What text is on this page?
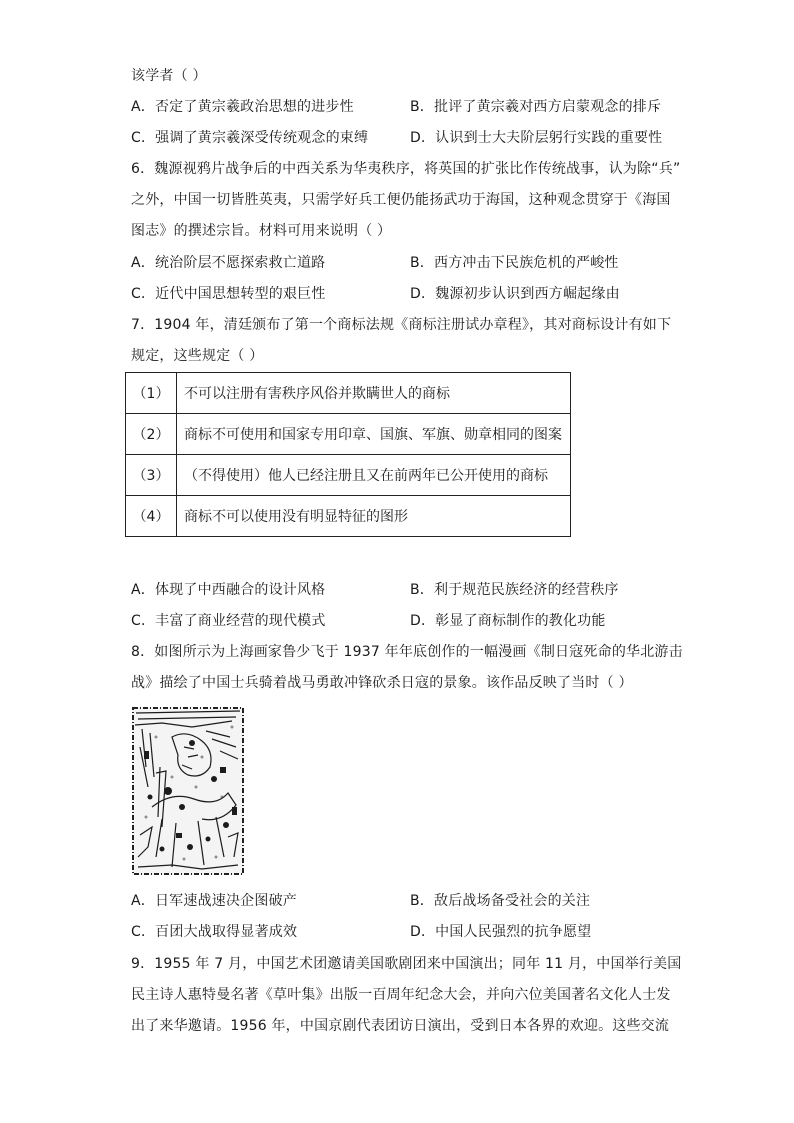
该学者（ ）
A．否定了黄宗羲政治思想的进步性	B．批评了黄宗羲对西方启蒙观念的排斥
C．强调了黄宗羲深受传统观念的束缚	D．认识到士大夫阶层躬行实践的重要性
6．魏源视鸦片战争后的中西关系为华夷秩序，将英国的扩张比作传统战事，认为除“兵”
之外，中国一切皆胜英夷，只需学好兵工便仍能扬武功于海国，这种观念贯穿于《海国
图志》的撰述宗旨。材料可用来说明（ ）
A．统治阶层不愿探索救亡道路	B．西方冲击下民族危机的严峻性
C．近代中国思想转型的艰巨性	D．魏源初步认识到西方崛起缘由
7．1904 年，清廷颁布了第一个商标法规《商标注册试办章程》，其对商标设计有如下
规定，这些规定（ ）
（1）	不可以注册有害秩序风俗并欺瞒世人的商标
（2）	商标不可使用和国家专用印章、国旗、军旗、勋章相同的图案
（3）	（不得使用）他人已经注册且又在前两年已公开使用的商标
（4）	商标不可以使用没有明显特征的图形
A．体现了中西融合的设计风格	B．利于规范民族经济的经营秩序
C．丰富了商业经营的现代模式	D．彰显了商标制作的教化功能
8．如图所示为上海画家鲁少飞于 1937 年年底创作的一幅漫画《制日寇死命的华北游击
战》描绘了中国士兵骑着战马勇敢冲锋砍杀日寇的景象。该作品反映了当时（ ）
A．日军速战速决企图破产	B．敌后战场备受社会的关注
C．百团大战取得显著成效	D．中国人民强烈的抗争愿望
9．1955 年 7 月，中国艺术团邀请美国歌剧团来中国演出；同年 11 月，中国举行美国
民主诗人惠特曼名著《草叶集》出版一百周年纪念大会，并向六位美国著名文化人士发
出了来华邀请。1956 年，中国京剧代表团访日演出，受到日本各界的欢迎。这些交流
